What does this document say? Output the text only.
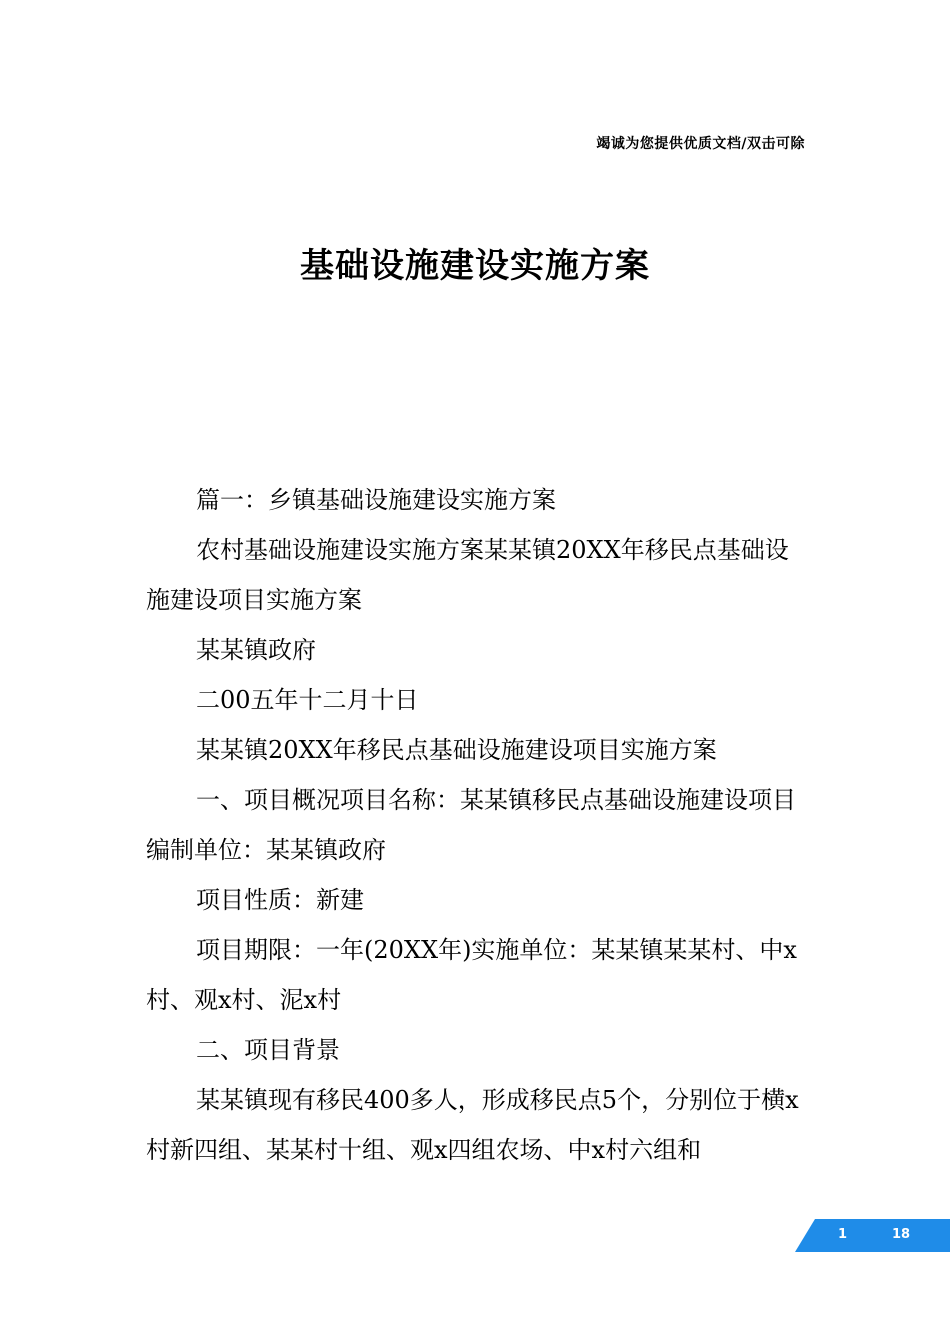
竭诚为您提供优质文档/双击可除
基础设施建设实施方案

篇一：乡镇基础设施建设实施方案

农村基础设施建设实施方案某某镇20XX年移民点基础设施建设项目实施方案

某某镇政府

二00五年十二月十日

某某镇20XX年移民点基础设施建设项目实施方案

一、项目概况项目名称：某某镇移民点基础设施建设项目编制单位：某某镇政府

项目性质：新建

项目期限：一年(20XX年)实施单位：某某镇某某村、中x村、观x村、泥x村

二、项目背景

某某镇现有移民400多人，形成移民点5个，分别位于横x村新四组、某某村十组、观x四组农场、中x村六组和

1	18
